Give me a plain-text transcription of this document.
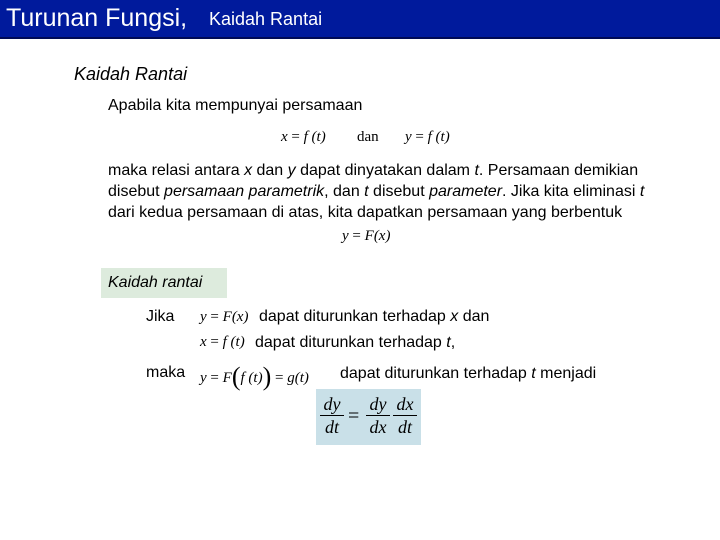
Turunan Fungsi, Kaidah Rantai
Kaidah Rantai
Apabila kita mempunyai persamaan
x = f (t) dan y = f (t)
maka relasi antara x dan y dapat dinyatakan dalam t. Persamaan demikian disebut persamaan parametrik, dan t disebut parameter. Jika kita eliminasi t dari kedua persamaan di atas, kita dapatkan persamaan yang berbentuk
y = F(x)
Kaidah rantai
Jika y = F(x) dapat diturunkan terhadap x dan
x = f (t) dapat diturunkan terhadap t,
maka y = F(f (t)) = g(t) dapat diturunkan terhadap t menjadi
dy
dt =
dy
dx
dx
dt
